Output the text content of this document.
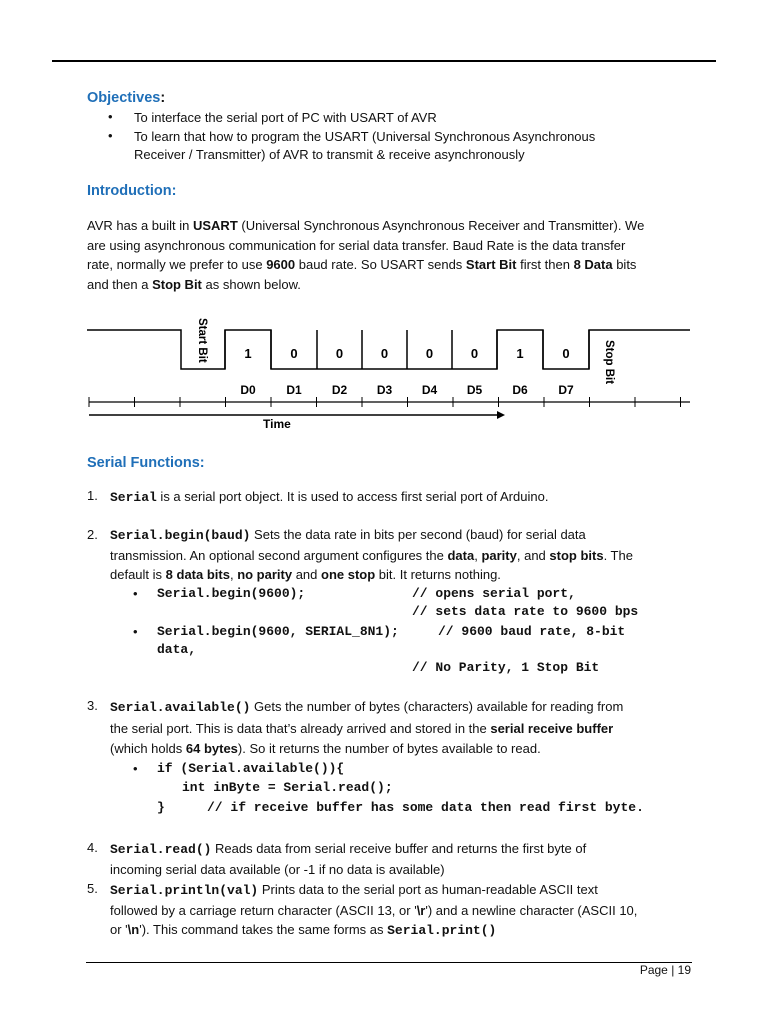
Objectives:
• To interface the serial port of PC with USART of AVR
• To learn that how to program the USART (Universal Synchronous Asynchronous
Receiver / Transmitter) of AVR to transmit & receive asynchronously
Introduction:
AVR has a built in USART (Universal Synchronous Asynchronous Receiver and Transmitter). We
are using asynchronous communication for serial data transfer. Baud Rate is the data transfer
rate, normally we prefer to use 9600 baud rate. So USART sends Start Bit first then 8 Data bits
and then a Stop Bit as shown below.
Start Bit	Stop Bit
1	0	0	0	0	0	1	0
D0	D1	D2 D3 D4 D5	D6	D7
Time
Serial Functions:
1. Serial is a serial port object. It is used to access first serial port of Arduino.
2. Serial.begin(baud) Sets the data rate in bits per second (baud) for serial data
transmission. An optional second argument configures the data, parity, and stop bits. The
default is 8 data bits, no parity and one stop bit. It returns nothing.
• Serial.begin(9600);	// opens serial port,
// sets data rate to 9600 bps
• Serial.begin(9600, SERIAL_8N1);	// 9600 baud rate, 8-bit
data,
// No Parity, 1 Stop Bit
3. Serial.available() Gets the number of bytes (characters) available for reading from
the serial port. This is data that’s already arrived and stored in the serial receive buffer
(which holds 64 bytes). So it returns the number of bytes available to read.
• if (Serial.available()){
int inByte = Serial.read();
}	// if receive buffer has some data then read first byte.
4. Serial.read() Reads data from serial receive buffer and returns the first byte of
incoming serial data available (or -1 if no data is available)
5. Serial.println(val) Prints data to the serial port as human-readable ASCII text
followed by a carriage return character (ASCII 13, or '\r') and a newline character (ASCII 10,
or '\n'). This command takes the same forms as Serial.print()
Page | 19
